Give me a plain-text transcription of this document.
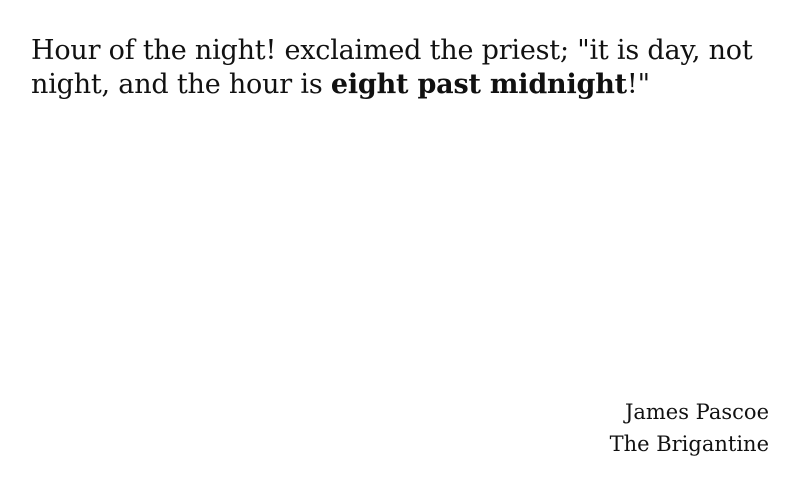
Hour of the night! exclaimed the priest; "it is day, not night, and the hour is eight past midnight!"

James Pascoe
The Brigantine
